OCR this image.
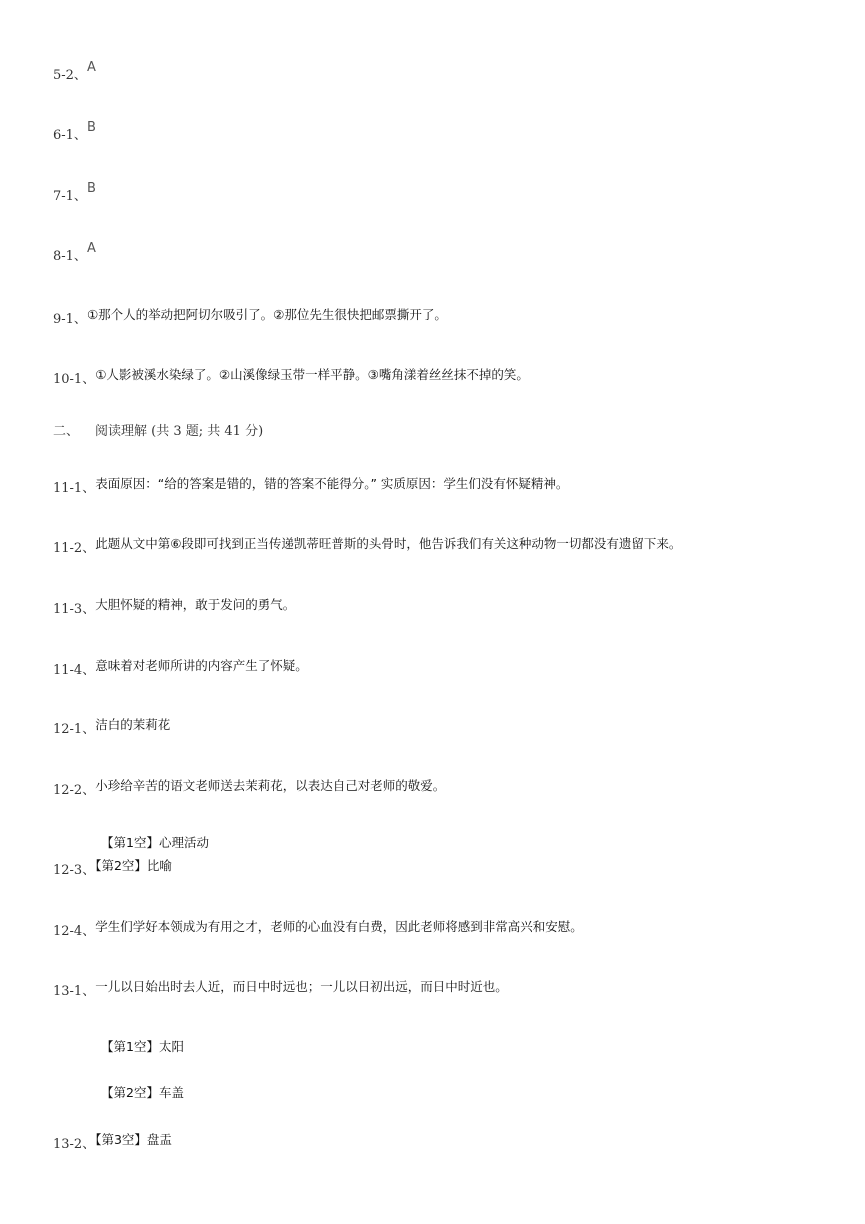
5-2、$^A$
6-1、$^B$
7-1、$^B$
8-1、$^A$
9-1、$^{①那个人的举动把阿切尔吸引了。②那位先生很快把邮票撕开了。}$
10-1、$^{①人影被溪水染绿了。②山溪像绿玉带一样平静。③嘴角漾着丝丝抹不掉的笑。}$
二、 阅读理解 (共 3 题; 共 41 分)
11-1、$^{表面原因:“给的答案是错的,错的答案不能得分。” 实质原因:学生们没有怀疑精神。}$
11-2、$^{此题从文中第⑥段即可找到正当传递凯蒂旺普斯的头骨时,他告诉我们有关这种动物一切都没有遗留下来。}$
11-3、$^{大胆怀疑的精神,敢于发问的勇气。}$
11-4、$^{意味着对老师所讲的内容产生了怀疑。}$
12-1、$^{洁白的茉莉花}$
12-2、$^{小珍给辛苦的语文老师送去茉莉花,以表达自己对老师的敬爱。}$
【第1空】心理活动
12-3、$^{【第2空】比喻}$
12-4、$^{学生们学好本领成为有用之才,老师的心血没有白费,因此老师将感到非常高兴和安慰。}$
13-1、$^{一儿以日始出时去人近,而日中时远也;一儿以日初出远,而日中时近也。}$
【第1空】太阳
【第2空】车盖
13-2、$^{【第3空】盘盂}$
